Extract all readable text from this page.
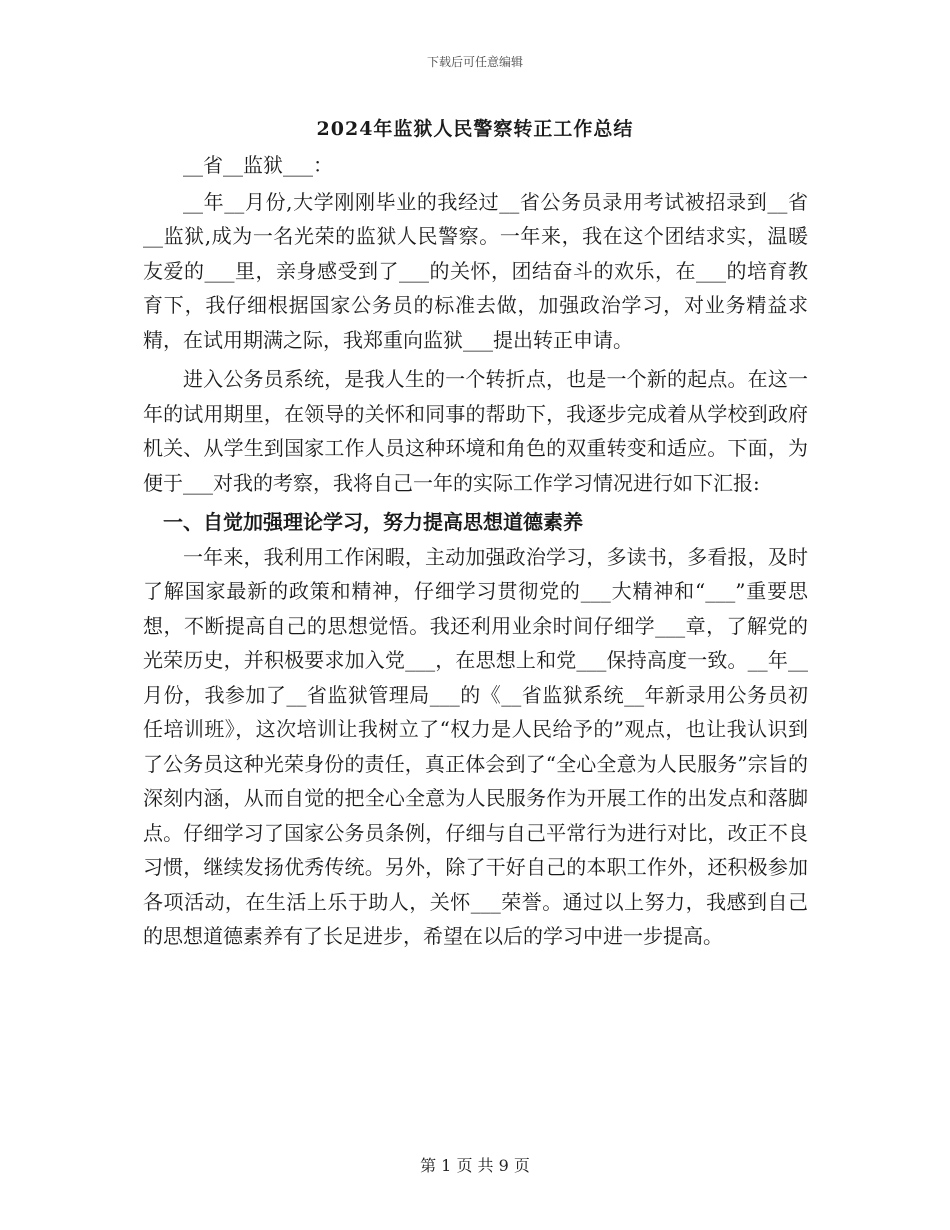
下载后可任意编辑
2024年监狱人民警察转正工作总结

__省__监狱___：

__年__月份,大学刚刚毕业的我经过__省公务员录用考试被招录到__省__监狱,成为一名光荣的监狱人民警察。一年来，我在这个团结求实，温暖友爱的___里，亲身感受到了___的关怀，团结奋斗的欢乐，在___的培育教育下，我仔细根据国家公务员的标准去做，加强政治学习，对业务精益求精，在试用期满之际，我郑重向监狱___提出转正申请。

进入公务员系统，是我人生的一个转折点，也是一个新的起点。在这一年的试用期里，在领导的关怀和同事的帮助下，我逐步完成着从学校到政府机关、从学生到国家工作人员这种环境和角色的双重转变和适应。下面，为便于___对我的考察，我将自己一年的实际工作学习情况进行如下汇报:

一、自觉加强理论学习，努力提高思想道德素养

一年来，我利用工作闲暇，主动加强政治学习，多读书，多看报，及时了解国家最新的政策和精神，仔细学习贯彻党的___大精神和“___”重要思想，不断提高自己的思想觉悟。我还利用业余时间仔细学___章，了解党的光荣历史，并积极要求加入党___，在思想上和党___保持高度一致。__年__月份，我参加了__省监狱管理局___的《__省监狱系统__年新录用公务员初任培训班》，这次培训让我树立了“权力是人民给予的”观点，也让我认识到了公务员这种光荣身份的责任，真正体会到了“全心全意为人民服务”宗旨的深刻内涵，从而自觉的把全心全意为人民服务作为开展工作的出发点和落脚点。仔细学习了国家公务员条例，仔细与自己平常行为进行对比，改正不良习惯，继续发扬优秀传统。另外，除了干好自己的本职工作外，还积极参加各项活动，在生活上乐于助人，关怀___荣誉。通过以上努力，我感到自己的思想道德素养有了长足进步，希望在以后的学习中进一步提高。

第 1 页 共 9 页
